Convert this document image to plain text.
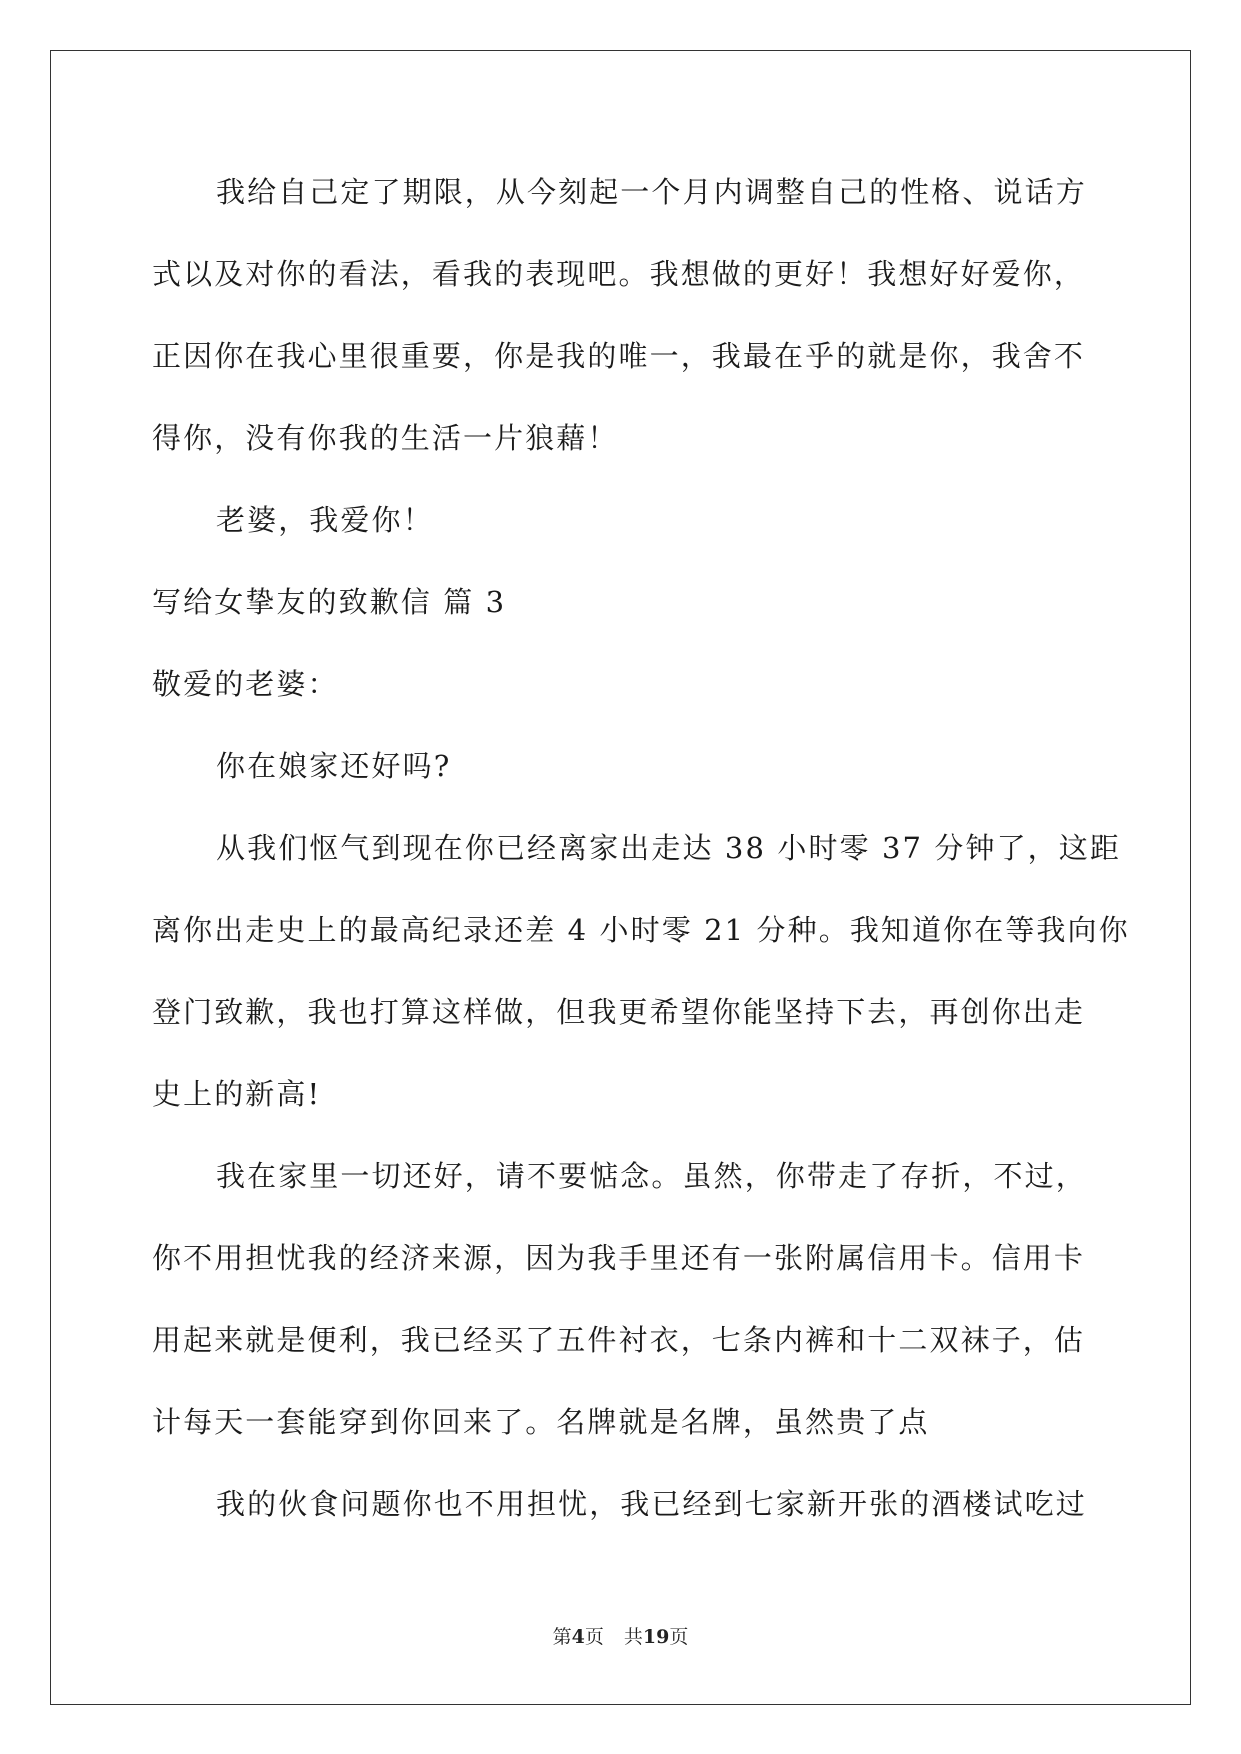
我给自己定了期限，从今刻起一个月内调整自己的性格、说话方
式以及对你的看法，看我的表现吧。我想做的更好！我想好好爱你，
正因你在我心里很重要，你是我的唯一，我最在乎的就是你，我舍不
得你，没有你我的生活一片狼藉！
老婆，我爱你！
写给女挚友的致歉信 篇 3
敬爱的老婆：
你在娘家还好吗?
从我们怄气到现在你已经离家出走达 38 小时零 37 分钟了，这距
离你出走史上的最高纪录还差 4 小时零 21 分种。我知道你在等我向你
登门致歉，我也打算这样做，但我更希望你能坚持下去，再创你出走
史上的新高!
我在家里一切还好，请不要惦念。虽然，你带走了存折，不过，
你不用担忧我的经济来源，因为我手里还有一张附属信用卡。信用卡
用起来就是便利，我已经买了五件衬衣，七条内裤和十二双袜子，估
计每天一套能穿到你回来了。名牌就是名牌，虽然贵了点
我的伙食问题你也不用担忧，我已经到七家新开张的酒楼试吃过
第4页 共19页
